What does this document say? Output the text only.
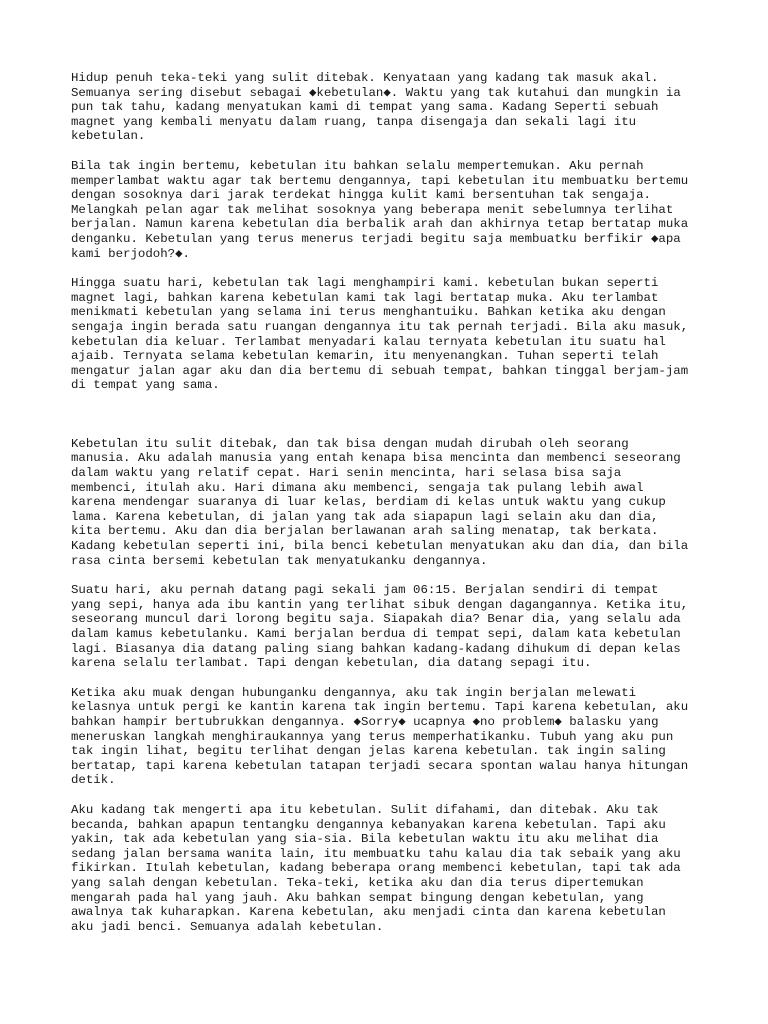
Hidup penuh teka-teki yang sulit ditebak. Kenyataan yang kadang tak masuk akal.
Semuanya sering disebut sebagai ◆kebetulan◆. Waktu yang tak kutahui dan mungkin ia
pun tak tahu, kadang menyatukan kami di tempat yang sama. Kadang Seperti sebuah
magnet yang kembali menyatu dalam ruang, tanpa disengaja dan sekali lagi itu
kebetulan.

Bila tak ingin bertemu, kebetulan itu bahkan selalu mempertemukan. Aku pernah
memperlambat waktu agar tak bertemu dengannya, tapi kebetulan itu membuatku bertemu
dengan sosoknya dari jarak terdekat hingga kulit kami bersentuhan tak sengaja.
Melangkah pelan agar tak melihat sosoknya yang beberapa menit sebelumnya terlihat
berjalan. Namun karena kebetulan dia berbalik arah dan akhirnya tetap bertatap muka
denganku. Kebetulan yang terus menerus terjadi begitu saja membuatku berfikir ◆apa
kami berjodoh?◆.

Hingga suatu hari, kebetulan tak lagi menghampiri kami. kebetulan bukan seperti
magnet lagi, bahkan karena kebetulan kami tak lagi bertatap muka. Aku terlambat
menikmati kebetulan yang selama ini terus menghantuiku. Bahkan ketika aku dengan
sengaja ingin berada satu ruangan dengannya itu tak pernah terjadi. Bila aku masuk,
kebetulan dia keluar. Terlambat menyadari kalau ternyata kebetulan itu suatu hal
ajaib. Ternyata selama kebetulan kemarin, itu menyenangkan. Tuhan seperti telah
mengatur jalan agar aku dan dia bertemu di sebuah tempat, bahkan tinggal berjam-jam
di tempat yang sama.

Kebetulan itu sulit ditebak, dan tak bisa dengan mudah dirubah oleh seorang
manusia. Aku adalah manusia yang entah kenapa bisa mencinta dan membenci seseorang
dalam waktu yang relatif cepat. Hari senin mencinta, hari selasa bisa saja
membenci, itulah aku. Hari dimana aku membenci, sengaja tak pulang lebih awal
karena mendengar suaranya di luar kelas, berdiam di kelas untuk waktu yang cukup
lama. Karena kebetulan, di jalan yang tak ada siapapun lagi selain aku dan dia,
kita bertemu. Aku dan dia berjalan berlawanan arah saling menatap, tak berkata.
Kadang kebetulan seperti ini, bila benci kebetulan menyatukan aku dan dia, dan bila
rasa cinta bersemi kebetulan tak menyatukanku dengannya.

Suatu hari, aku pernah datang pagi sekali jam 06:15. Berjalan sendiri di tempat
yang sepi, hanya ada ibu kantin yang terlihat sibuk dengan dagangannya. Ketika itu,
seseorang muncul dari lorong begitu saja. Siapakah dia? Benar dia, yang selalu ada
dalam kamus kebetulanku. Kami berjalan berdua di tempat sepi, dalam kata kebetulan
lagi. Biasanya dia datang paling siang bahkan kadang-kadang dihukum di depan kelas
karena selalu terlambat. Tapi dengan kebetulan, dia datang sepagi itu.

Ketika aku muak dengan hubunganku dengannya, aku tak ingin berjalan melewati
kelasnya untuk pergi ke kantin karena tak ingin bertemu. Tapi karena kebetulan, aku
bahkan hampir bertubrukkan dengannya. ◆Sorry◆ ucapnya ◆no problem◆ balasku yang
meneruskan langkah menghiraukannya yang terus memperhatikanku. Tubuh yang aku pun
tak ingin lihat, begitu terlihat dengan jelas karena kebetulan. tak ingin saling
bertatap, tapi karena kebetulan tatapan terjadi secara spontan walau hanya hitungan
detik.

Aku kadang tak mengerti apa itu kebetulan. Sulit difahami, dan ditebak. Aku tak
becanda, bahkan apapun tentangku dengannya kebanyakan karena kebetulan. Tapi aku
yakin, tak ada kebetulan yang sia-sia. Bila kebetulan waktu itu aku melihat dia
sedang jalan bersama wanita lain, itu membuatku tahu kalau dia tak sebaik yang aku
fikirkan. Itulah kebetulan, kadang beberapa orang membenci kebetulan, tapi tak ada
yang salah dengan kebetulan. Teka-teki, ketika aku dan dia terus dipertemukan
mengarah pada hal yang jauh. Aku bahkan sempat bingung dengan kebetulan, yang
awalnya tak kuharapkan. Karena kebetulan, aku menjadi cinta dan karena kebetulan
aku jadi benci. Semuanya adalah kebetulan.
